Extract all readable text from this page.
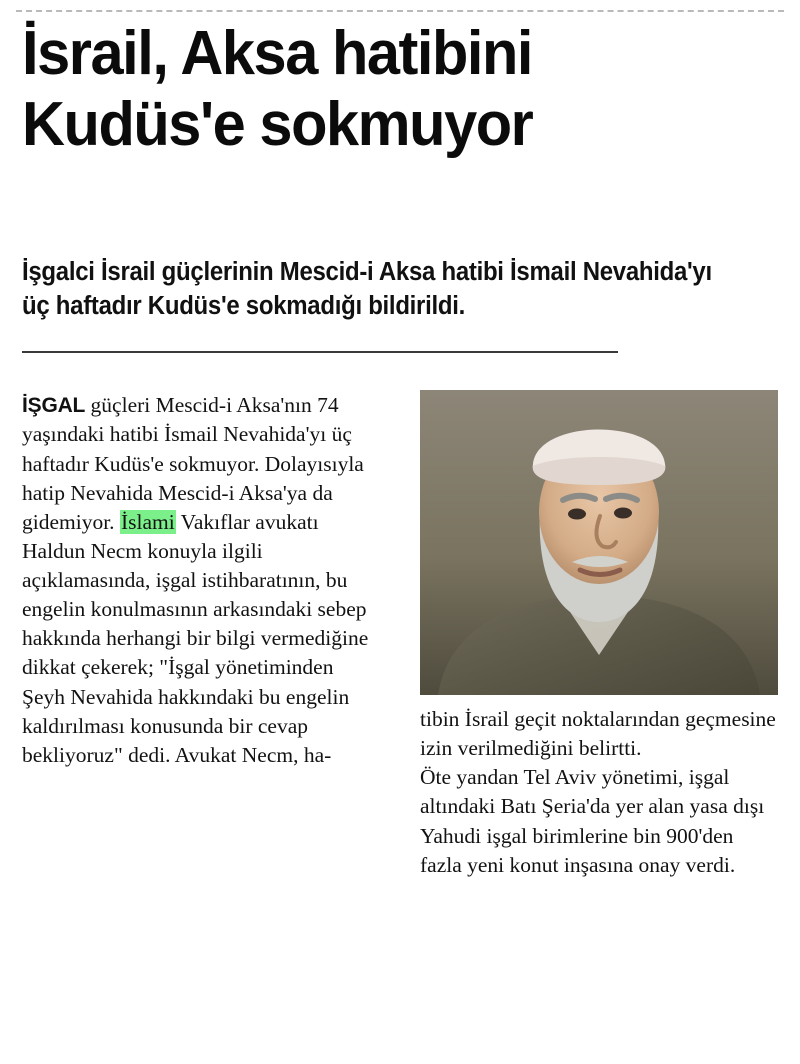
İsrail, Aksa hatibini
Kudüs'e sokmuyor
İşgalci İsrail güçlerinin Mescid-i Aksa hatibi İsmail Nevahida'yı üç haftadır Kudüs'e sokmadığı bildirildi.

İŞGAL güçleri Mescid-i Aksa'nın 74 yaşındaki hatibi İsmail Nevahida'yı üç haftadır Kudüs'e sokmuyor. Dolayısıyla hatip Nevahida Mescid-i Aksa'ya da gidemiyor. İslami Vakıflar avukatı Haldun Necm konuyla ilgili açıklamasında, işgal istihbaratının, bu engelin konulmasının arkasındaki sebep hakkında herhangi bir bilgi vermediğine dikkat çekerek; "İşgal yönetiminden Şeyh Nevahida hakkındaki bu engelin kaldırılması konusunda bir cevap bekliyoruz" dedi. Avukat Necm, ha-

tibin İsrail geçit noktalarından geçmesine izin verilmediğini belirtti.

Öte yandan Tel Aviv yönetimi, işgal altındaki Batı Şeria'da yer alan yasa dışı Yahudi işgal birimlerine bin 900'den fazla yeni konut inşasına onay verdi.
